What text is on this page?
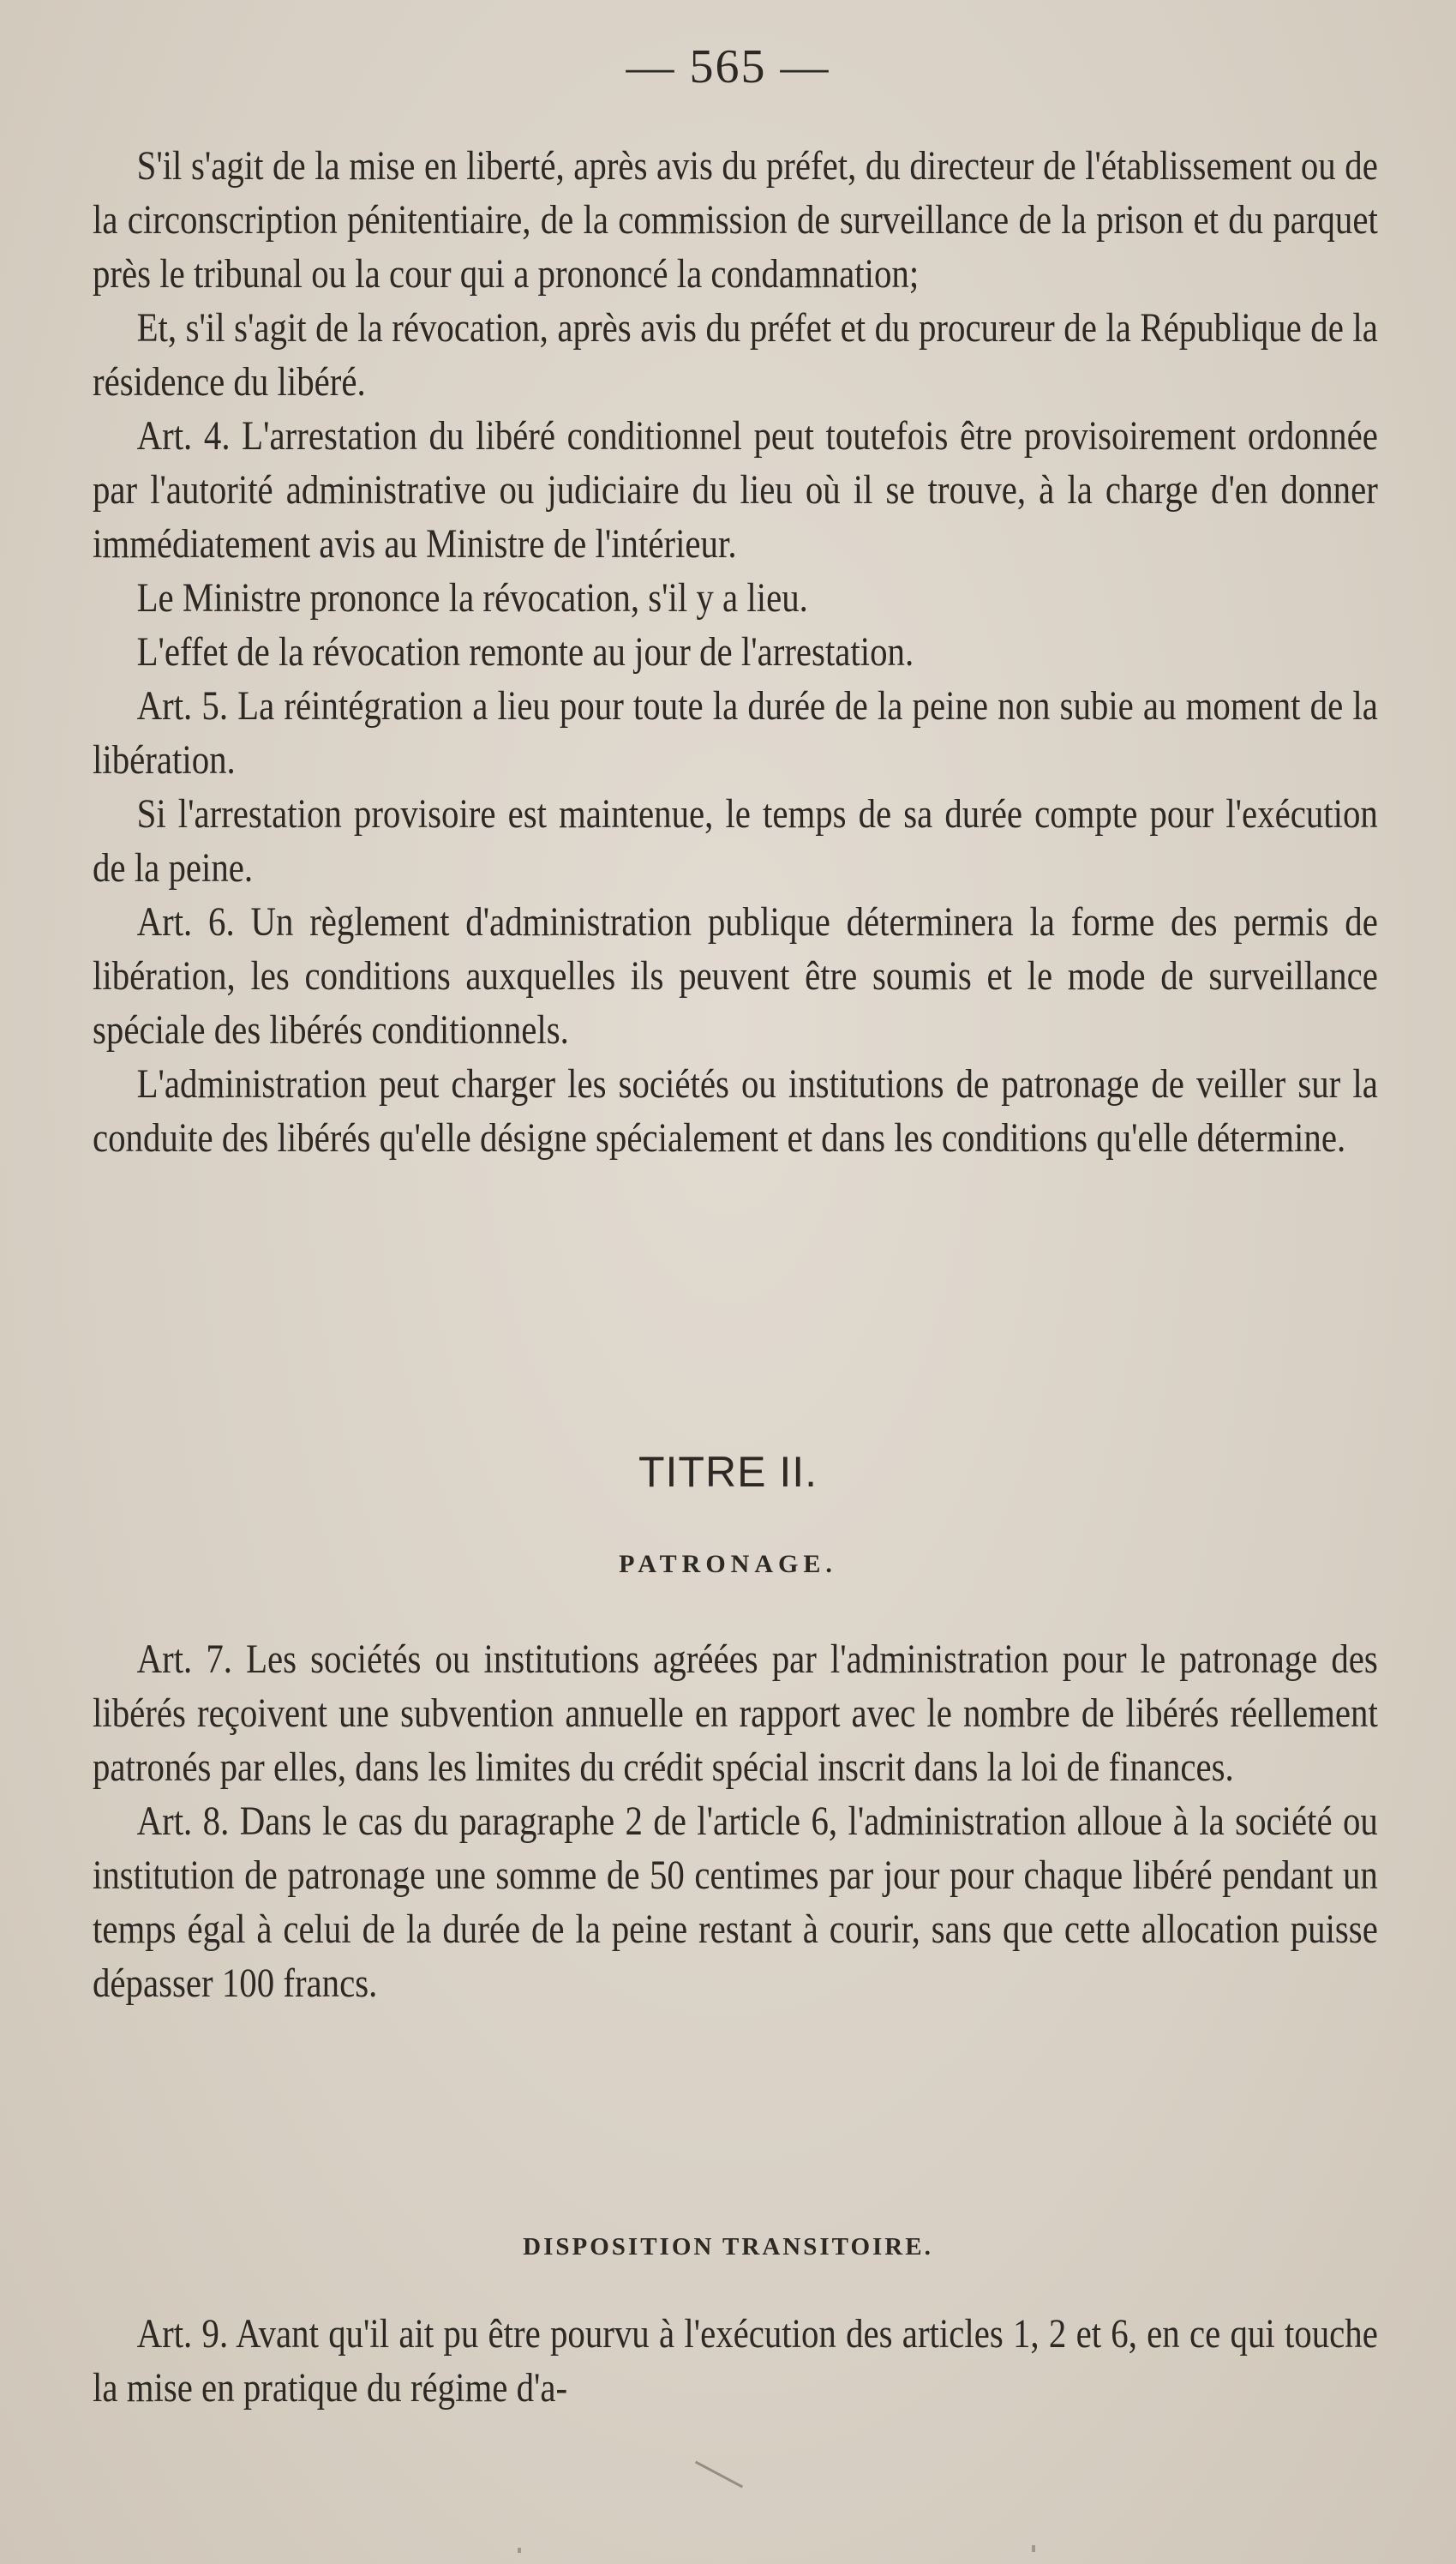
— 565 —

S'il s'agit de la mise en liberté, après avis du préfet, du directeur de l'établissement ou de la circonscription pénitentiaire, de la commission de surveillance de la prison et du parquet près le tribunal ou la cour qui a prononcé la condamnation;

Et, s'il s'agit de la révocation, après avis du préfet et du procureur de la République de la résidence du libéré.

Art. 4. L'arrestation du libéré conditionnel peut toutefois être provisoirement ordonnée par l'autorité administrative ou judiciaire du lieu où il se trouve, à la charge d'en donner immédiatement avis au Ministre de l'intérieur.

Le Ministre prononce la révocation, s'il y a lieu.

L'effet de la révocation remonte au jour de l'arrestation.

Art. 5. La réintégration a lieu pour toute la durée de la peine non subie au moment de la libération.

Si l'arrestation provisoire est maintenue, le temps de sa durée compte pour l'exécution de la peine.

Art. 6. Un règlement d'administration publique déterminera la forme des permis de libération, les conditions auxquelles ils peuvent être soumis et le mode de surveillance spéciale des libérés conditionnels.

L'administration peut charger les sociétés ou institutions de patronage de veiller sur la conduite des libérés qu'elle désigne spécialement et dans les conditions qu'elle détermine.

TITRE II.
PATRONAGE.

Art. 7. Les sociétés ou institutions agréées par l'administration pour le patronage des libérés reçoivent une subvention annuelle en rapport avec le nombre de libérés réellement patronés par elles, dans les limites du crédit spécial inscrit dans la loi de finances.

Art. 8. Dans le cas du paragraphe 2 de l'article 6, l'administration alloue à la société ou institution de patronage une somme de 50 centimes par jour pour chaque libéré pendant un temps égal à celui de la durée de la peine restant à courir, sans que cette allocation puisse dépasser 100 francs.

DISPOSITION TRANSITOIRE.

Art. 9. Avant qu'il ait pu être pourvu à l'exécution des articles 1, 2 et 6, en ce qui touche la mise en pratique du régime d'a-
